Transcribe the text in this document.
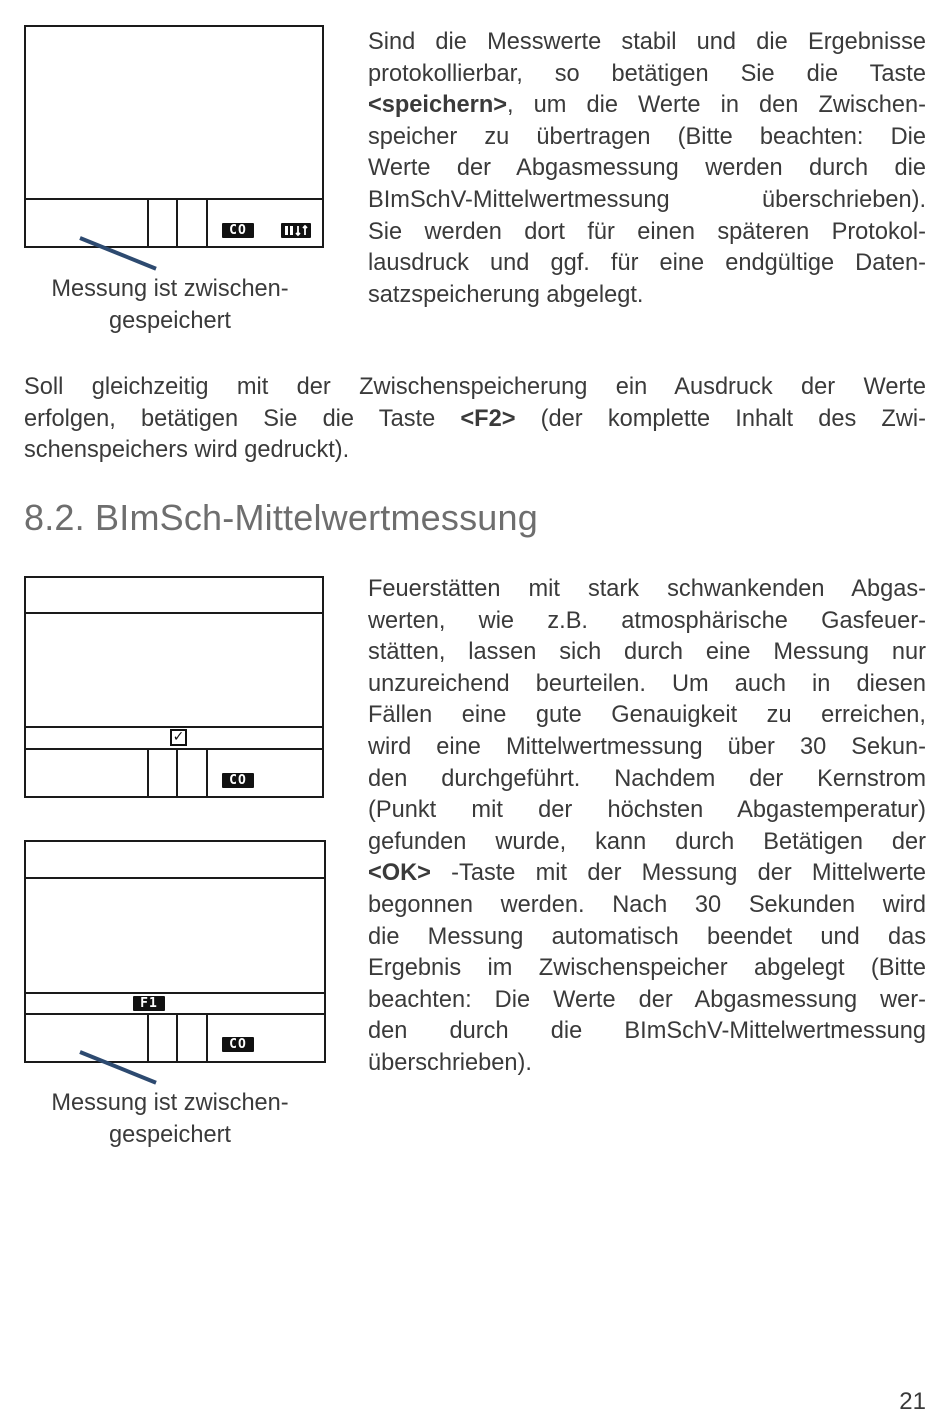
CO
Messung ist zwischen-
gespeichert
Sind die Messwerte stabil und die Ergebnisse
protokollierbar, so betätigen Sie die Taste
<speichern>, um die Werte in den Zwischen-
speicher zu übertragen (Bitte beachten: Die
Werte der Abgasmessung werden durch die
BImSchV-Mittelwertmessung überschrieben).
Sie werden dort für einen späteren Protokol-
lausdruck und ggf. für eine endgültige Daten-
satzspeicherung abgelegt.
Soll gleichzeitig mit der Zwischenspeicherung ein Ausdruck der Werte
erfolgen, betätigen Sie die Taste <F2> (der komplette Inhalt des Zwi-
schenspeichers wird gedruckt).
8.2. BImSch-Mittelwertmessung
✓
CO
F1
CO
Messung ist zwischen-
gespeichert
Feuerstätten mit stark schwankenden Abgas-
werten, wie z.B. atmosphärische Gasfeuer-
stätten, lassen sich durch eine Messung nur
unzureichend beurteilen. Um auch in diesen
Fällen eine gute Genauigkeit zu erreichen,
wird eine Mittelwertmessung über 30 Sekun-
den durchgeführt. Nachdem der Kernstrom
(Punkt mit der höchsten Abgastemperatur)
gefunden wurde, kann durch Betätigen der
<OK> -Taste mit der Messung der Mittelwerte
begonnen werden. Nach 30 Sekunden wird
die Messung automatisch beendet und das
Ergebnis im Zwischenspeicher abgelegt (Bitte
beachten: Die Werte der Abgasmessung wer-
den durch die BImSchV-Mittelwertmessung
überschrieben).
21
